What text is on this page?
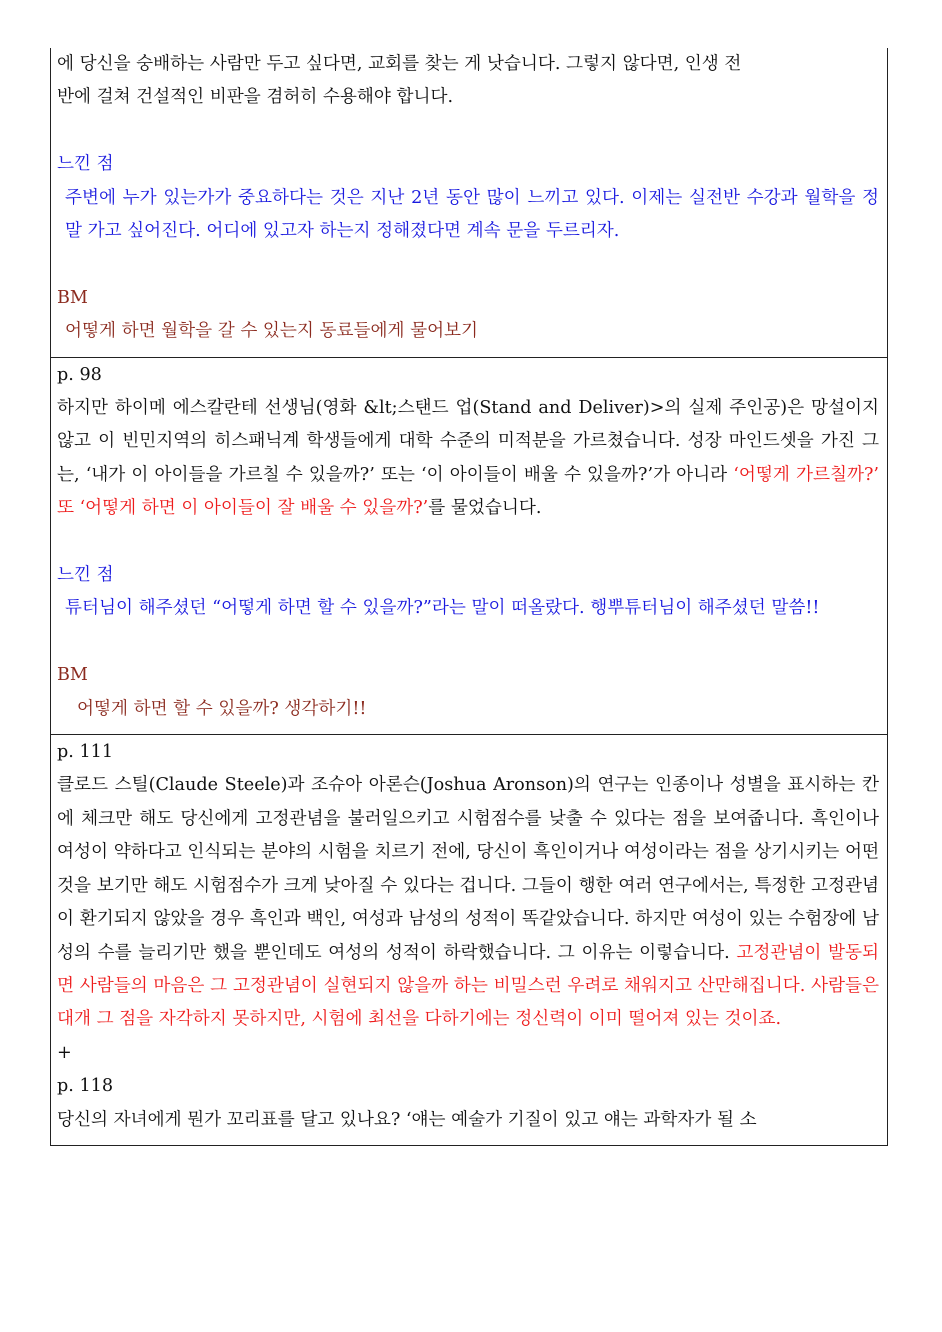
에 당신을 숭배하는 사람만 두고 싶다면, 교회를 찾는 게 낫습니다. 그렇지 않다면, 인생 전

반에 걸쳐 건설적인 비판을 겸허히 수용해야 합니다.

느낀 점

주변에 누가 있는가가 중요하다는 것은 지난 2년 동안 많이 느끼고 있다. 이제는 실전반 수강과 월학을 정말 가고 싶어진다. 어디에 있고자 하는지 정해졌다면 계속 문을 두르리자.

BM

어떻게 하면 월학을 갈 수 있는지 동료들에게 물어보기

p. 98

하지만 하이메 에스칼란테 선생님(영화 &lt;스탠드 업(Stand and Deliver)>의 실제 주인공)은 망설이지 않고 이 빈민지역의 히스패닉계 학생들에게 대학 수준의 미적분을 가르쳤습니다. 성장 마인드셋을 가진 그는, ‘내가 이 아이들을 가르칠 수 있을까?’ 또는 ‘이 아이들이 배울 수 있을까?’가 아니라 ‘어떻게 가르칠까?’ 또 ‘어떻게 하면 이 아이들이 잘 배울 수 있을까?’를 물었습니다.

느낀 점

튜터님이 해주셨던 “어떻게 하면 할 수 있을까?”라는 말이 떠올랐다. 행뿌튜터님이 해주셨던 말씀!!

BM

어떻게 하면 할 수 있을까? 생각하기!!

p. 111

클로드 스틸(Claude Steele)과 조슈아 아론슨(Joshua Aronson)의 연구는 인종이나 성별을 표시하는 칸에 체크만 해도 당신에게 고정관념을 불러일으키고 시험점수를 낮출 수 있다는 점을 보여줍니다. 흑인이나 여성이 약하다고 인식되는 분야의 시험을 치르기 전에, 당신이 흑인이거나 여성이라는 점을 상기시키는 어떤 것을 보기만 해도 시험점수가 크게 낮아질 수 있다는 겁니다. 그들이 행한 여러 연구에서는, 특정한 고정관념이 환기되지 않았을 경우 흑인과 백인, 여성과 남성의 성적이 똑같았습니다. 하지만 여성이 있는 수험장에 남성의 수를 늘리기만 했을 뿐인데도 여성의 성적이 하락했습니다. 그 이유는 이렇습니다. 고정관념이 발동되면 사람들의 마음은 그 고정관념이 실현되지 않을까 하는 비밀스런 우려로 채워지고 산만해집니다. 사람들은 대개 그 점을 자각하지 못하지만, 시험에 최선을 다하기에는 정신력이 이미 떨어져 있는 것이죠.

+

p. 118

당신의 자녀에게 뭔가 꼬리표를 달고 있나요? ‘얘는 예술가 기질이 있고 얘는 과학자가 될 소
